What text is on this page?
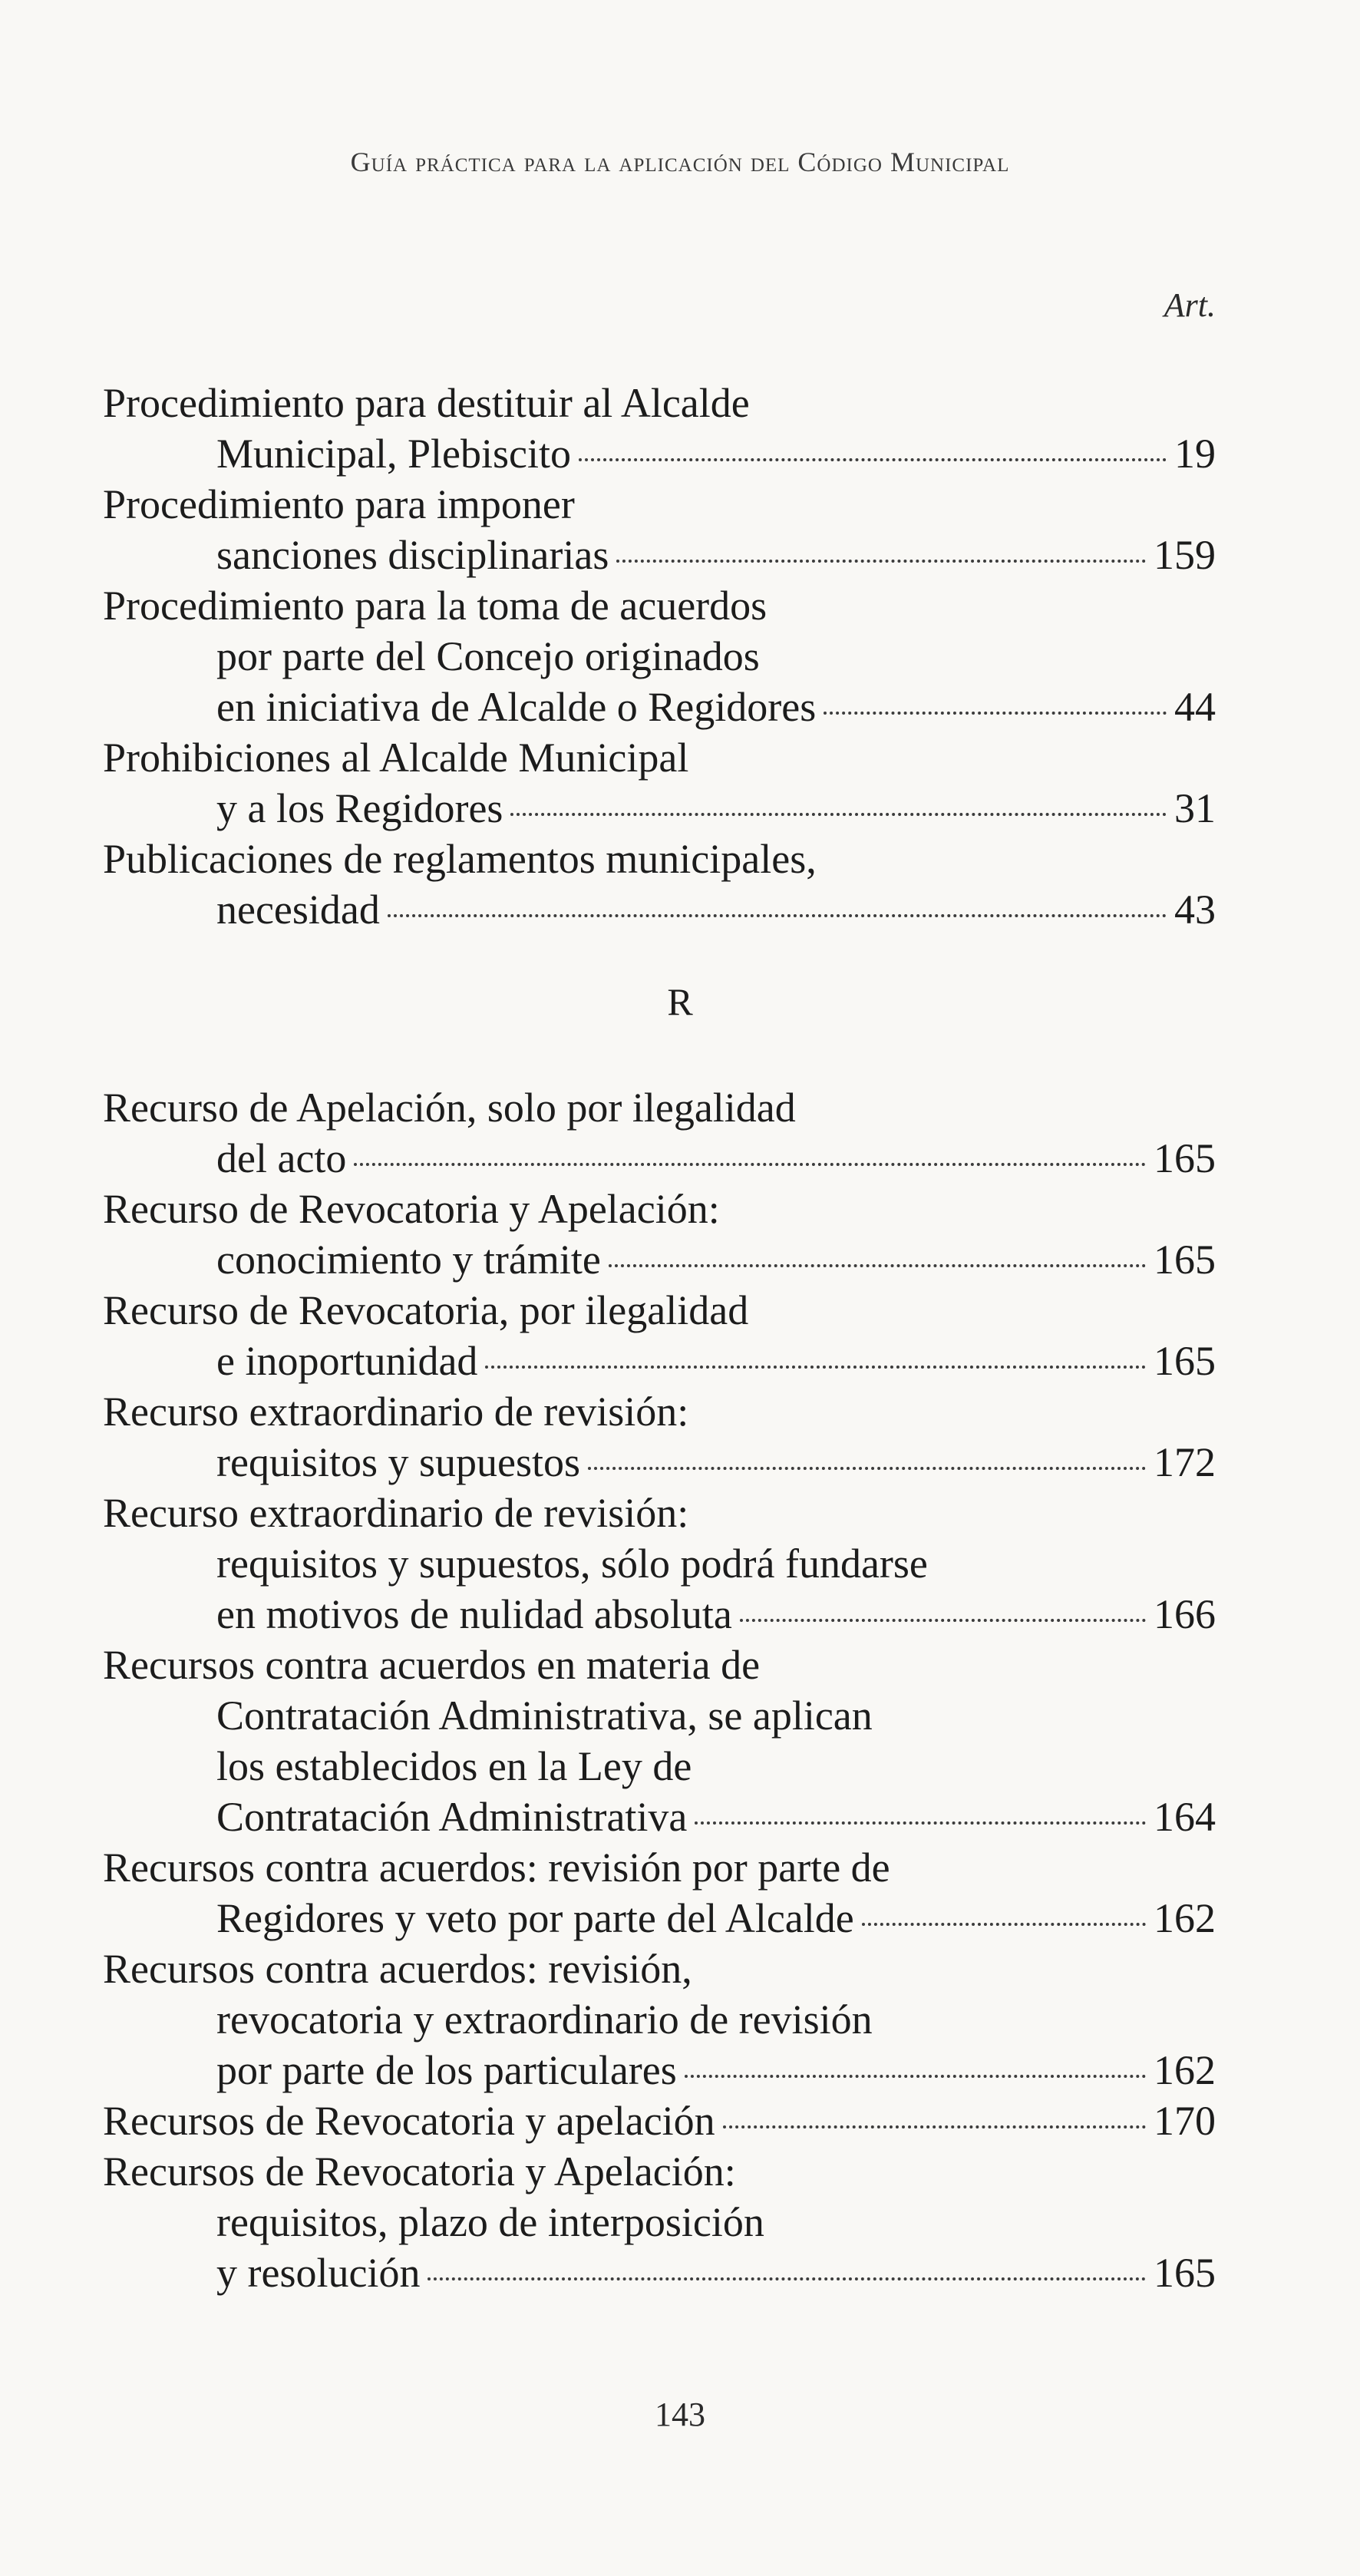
Guía práctica para la aplicación del Código Municipal
Art.
Procedimiento para destituir al Alcalde
Municipal, Plebiscito	19
Procedimiento para imponer
sanciones disciplinarias	159
Procedimiento para la toma de acuerdos
por parte del Concejo originados
en iniciativa de Alcalde o Regidores	44
Prohibiciones al Alcalde Municipal
y a los Regidores	31
Publicaciones de reglamentos municipales,
necesidad	43
R
Recurso de Apelación, solo por ilegalidad
del acto	165
Recurso de Revocatoria y Apelación:
conocimiento y trámite	165
Recurso de Revocatoria, por ilegalidad
e inoportunidad	165
Recurso extraordinario de revisión:
requisitos y supuestos	172
Recurso extraordinario de revisión:
requisitos y supuestos, sólo podrá fundarse
en motivos de nulidad absoluta	166
Recursos contra acuerdos en materia de
Contratación Administrativa, se aplican
los establecidos en la Ley de
Contratación Administrativa	164
Recursos contra acuerdos: revisión por parte de
Regidores y veto por parte del Alcalde	162
Recursos contra acuerdos: revisión,
revocatoria y extraordinario de revisión
por parte de los particulares	162
Recursos de Revocatoria y apelación	170
Recursos de Revocatoria y Apelación:
requisitos, plazo de interposición
y resolución	165
143
